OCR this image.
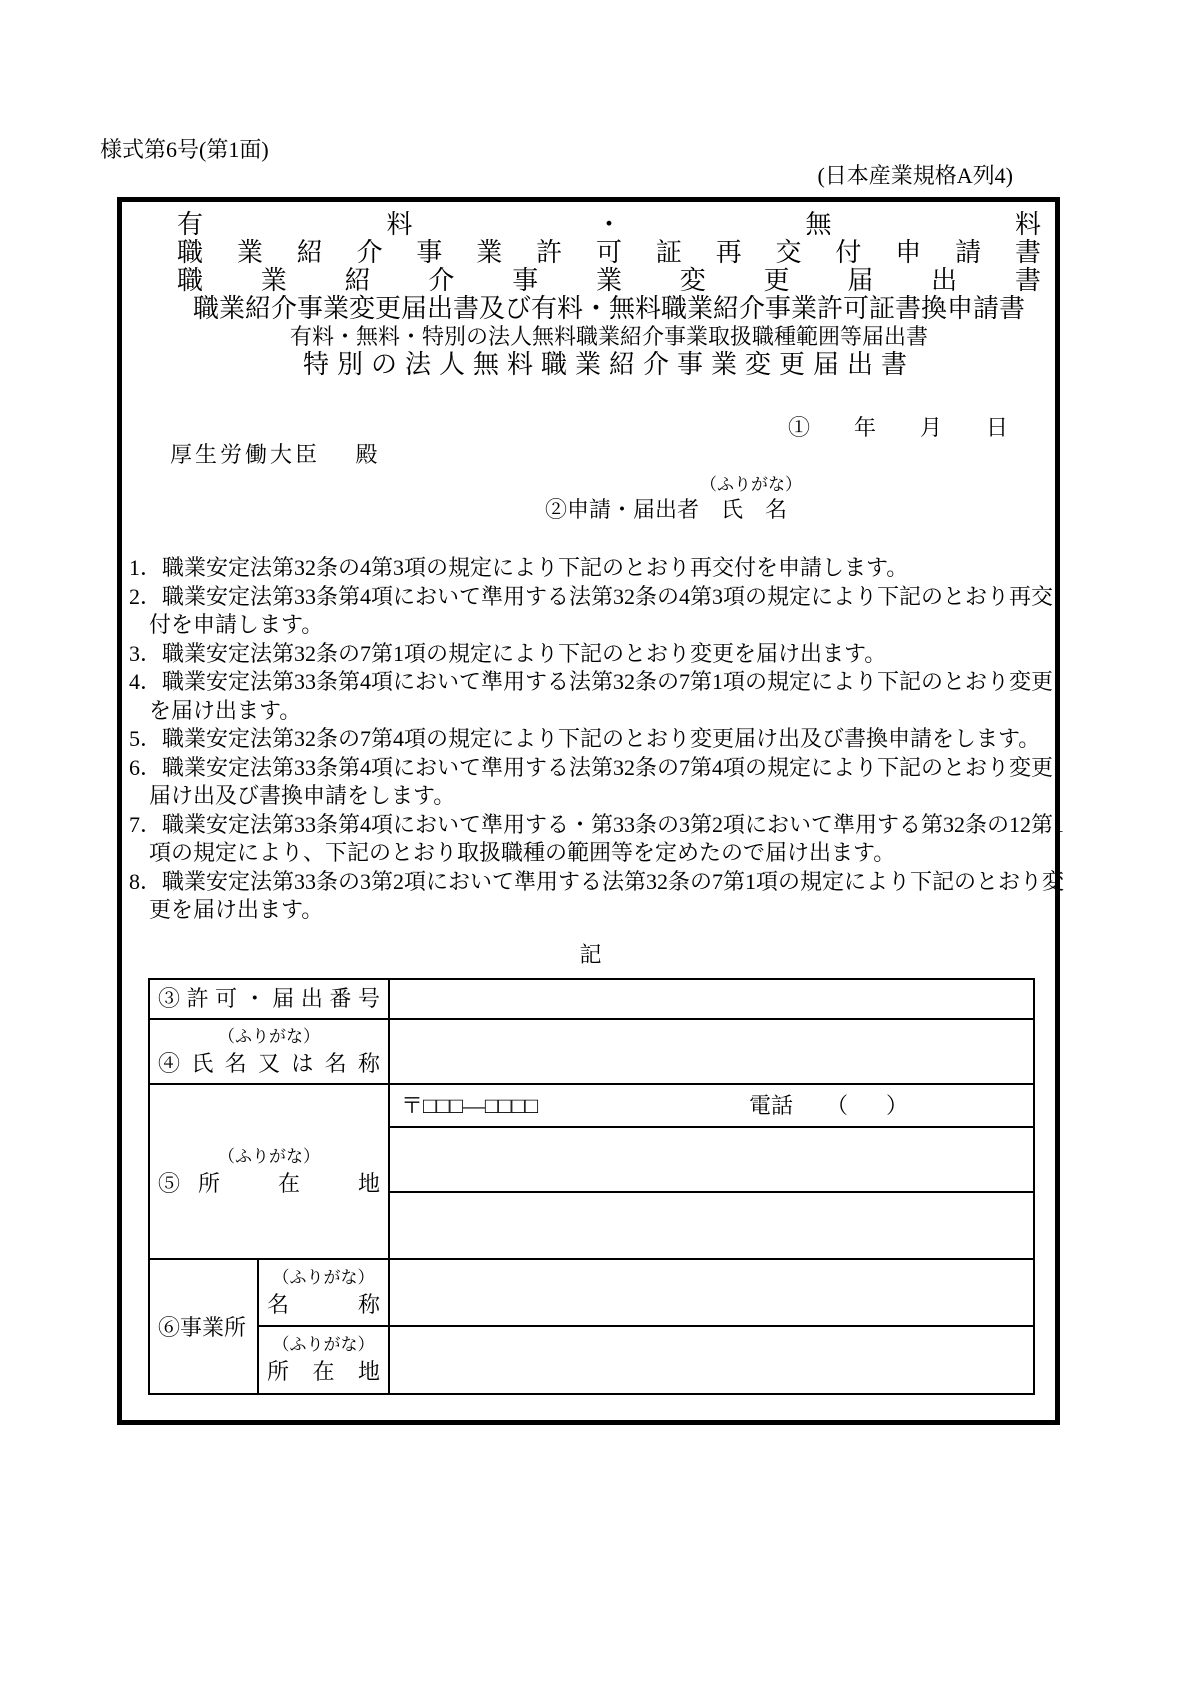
様式第6号(第1面)
(日本産業規格A列4)
有　料　・　無　料
職　業　紹　介　事　業　許　可　証　再　交　付　申　請　書
職　業　紹　介　事　業　変　更　届　出　書
職業紹介事業変更届出書及び有料・無料職業紹介事業許可証書換申請書
有料・無料・特別の法人無料職業紹介事業取扱職種範囲等届出書
特別の法人無料職業紹介事業変更届出書
①　　年　　月　　日
厚生労働大臣 殿
（ふりがな）
②申請・届出者　氏　名
1．職業安定法第32条の4第3項の規定により下記のとおり再交付を申請します。
2．職業安定法第33条第4項において準用する法第32条の4第3項の規定により下記のとおり再交
付を申請します。
3．職業安定法第32条の7第1項の規定により下記のとおり変更を届け出ます。
4．職業安定法第33条第4項において準用する法第32条の7第1項の規定により下記のとおり変更
を届け出ます。
5．職業安定法第32条の7第4項の規定により下記のとおり変更届け出及び書換申請をします。
6．職業安定法第33条第4項において準用する法第32条の7第4項の規定により下記のとおり変更
届け出及び書換申請をします。
7．職業安定法第33条第4項において準用する・第33条の3第2項において準用する第32条の12第1
項の規定により、下記のとおり取扱職種の範囲等を定めたので届け出ます。
8．職業安定法第33条の3第2項において準用する法第32条の7第1項の規定により下記のとおり変
更を届け出ます。
記
③許可・届出番号		

（ふりがな）
④氏名又は名称		

（ふりがな）
⑤所　在　地

〒□□□―□□□□	電話 （ ）

⑥事業所	（ふりがな）
名　　称	

	（ふりがな）
所　在　地	
